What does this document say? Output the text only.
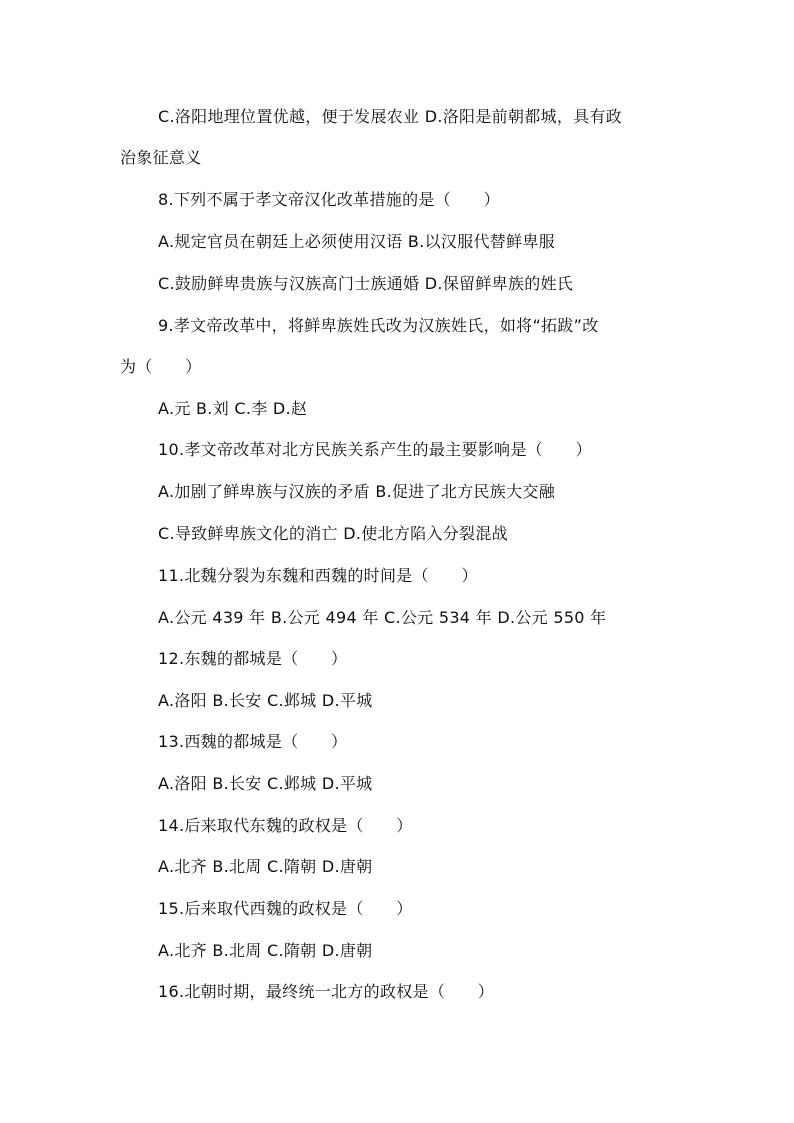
C.洛阳地理位置优越，便于发展农业 D.洛阳是前朝都城，具有政
治象征意义
8.下列不属于孝文帝汉化改革措施的是（　　）
A.规定官员在朝廷上必须使用汉语 B.以汉服代替鲜卑服
C.鼓励鲜卑贵族与汉族高门士族通婚 D.保留鲜卑族的姓氏
9.孝文帝改革中，将鲜卑族姓氏改为汉族姓氏，如将“拓跋”改
为（　　）
A.元 B.刘 C.李 D.赵
10.孝文帝改革对北方民族关系产生的最主要影响是（　　）
A.加剧了鲜卑族与汉族的矛盾 B.促进了北方民族大交融
C.导致鲜卑族文化的消亡 D.使北方陷入分裂混战
11.北魏分裂为东魏和西魏的时间是（　　）
A.公元 439 年 B.公元 494 年 C.公元 534 年 D.公元 550 年
12.东魏的都城是（　　）
A.洛阳 B.长安 C.邺城 D.平城
13.西魏的都城是（　　）
A.洛阳 B.长安 C.邺城 D.平城
14.后来取代东魏的政权是（　　）
A.北齐 B.北周 C.隋朝 D.唐朝
15.后来取代西魏的政权是（　　）
A.北齐 B.北周 C.隋朝 D.唐朝
16.北朝时期，最终统一北方的政权是（　　）
